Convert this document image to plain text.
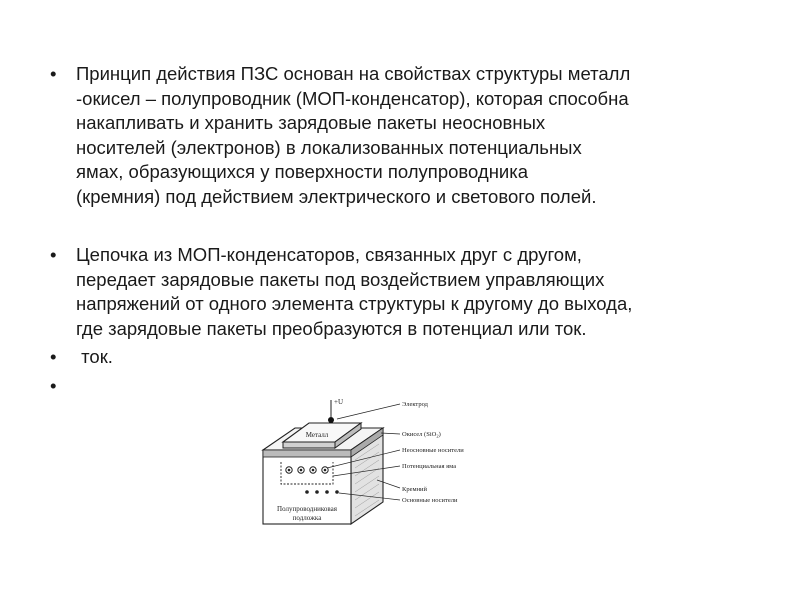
• Принцип действия ПЗС основан на свойствах структуры металл
-окисел – полупроводник (МОП-конденсатор), которая способна
накапливать и хранить зарядовые пакеты неосновных
носителей (электронов) в локализованных потенциальных
ямах, образующихся у поверхности полупроводника
(кремния) под действием электрического и светового полей.
• Цепочка из МОП-конденсаторов, связанных друг с другом,
передает зарядовые пакеты под воздействием управляющих
напряжений от одного элемента структуры к другому до выхода,
где зарядовые пакеты преобразуются в потенциал или ток.
• ток.
•
Металл
+U
Полупроводниковая
подложка
Электрод
Окисел (SiO$_2$)
Неосновные носители
Потенциальная яма
Кремний
Основные носители
